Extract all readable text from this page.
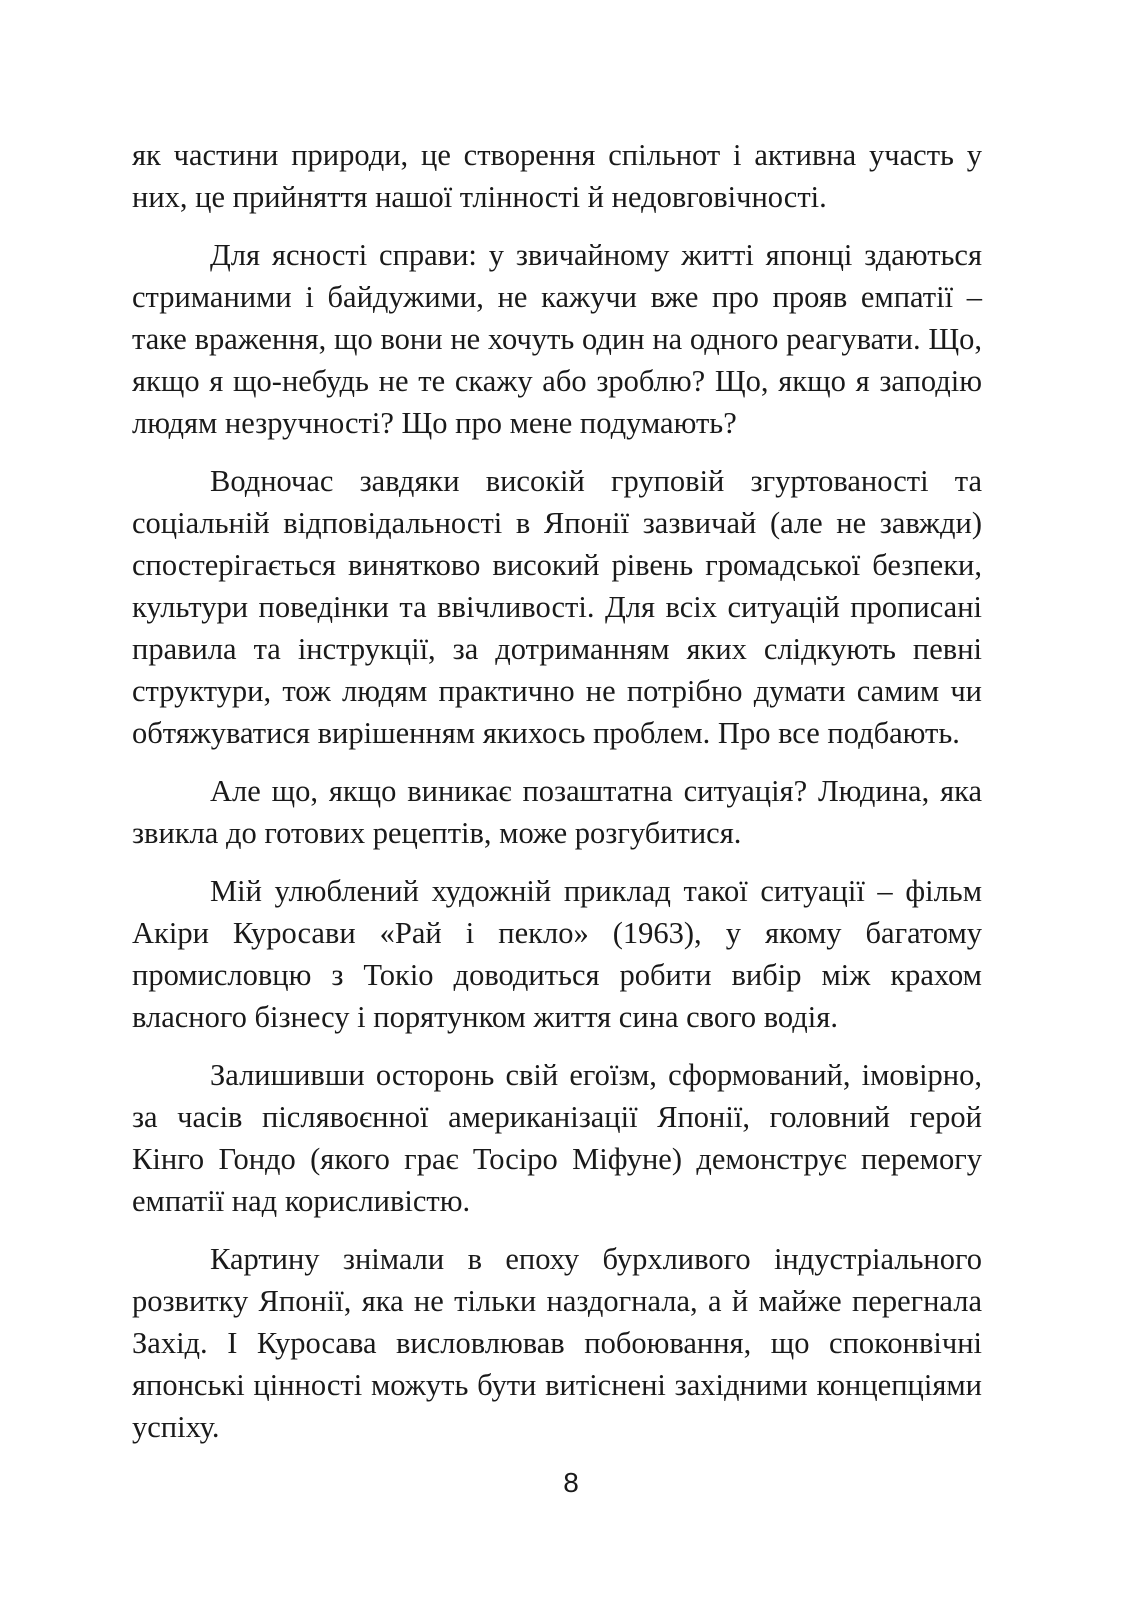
як частини природи, це створення спільнот і активна участь у них, це прийняття нашої тлінності й недовговічності.

Для ясності справи: у звичайному житті японці здаються стриманими і байдужими, не кажучи вже про прояв емпатії – таке враження, що вони не хочуть один на одного реагувати. Що, якщо я що-небудь не те скажу або зроблю? Що, якщо я заподію людям незручності? Що про мене подумають?

Водночас завдяки високій груповій згуртованості та соціальній відповідальності в Японії зазвичай (але не завжди) спостерігається винятково високий рівень громадської безпеки, культури поведінки та ввічливості. Для всіх ситуацій прописані правила та інструкції, за дотриманням яких слідкують певні структури, тож людям практично не потрібно думати самим чи обтяжуватися вирішенням якихось проблем. Про все подбають.

Але що, якщо виникає позаштатна ситуація? Людина, яка звикла до готових рецептів, може розгубитися.

Мій улюблений художній приклад такої ситуації – фільм Акіри Куросави «Рай і пекло» (1963), у якому багатому промисловцю з Токіо доводиться робити вибір між крахом власного бізнесу і порятунком життя сина свого водія.

Залишивши осторонь свій егоїзм, сформований, імовірно, за часів післявоєнної американізації Японії, головний герой Кінго Гондо (якого грає Тосіро Міфуне) демонструє перемогу емпатії над корисливістю.

Картину знімали в епоху бурхливого індустріального розвитку Японії, яка не тільки наздогнала, а й майже перегнала Захід. І Куросава висловлював побоювання, що споконвічні японські цінності можуть бути витіснені західними концепціями успіху.

8
